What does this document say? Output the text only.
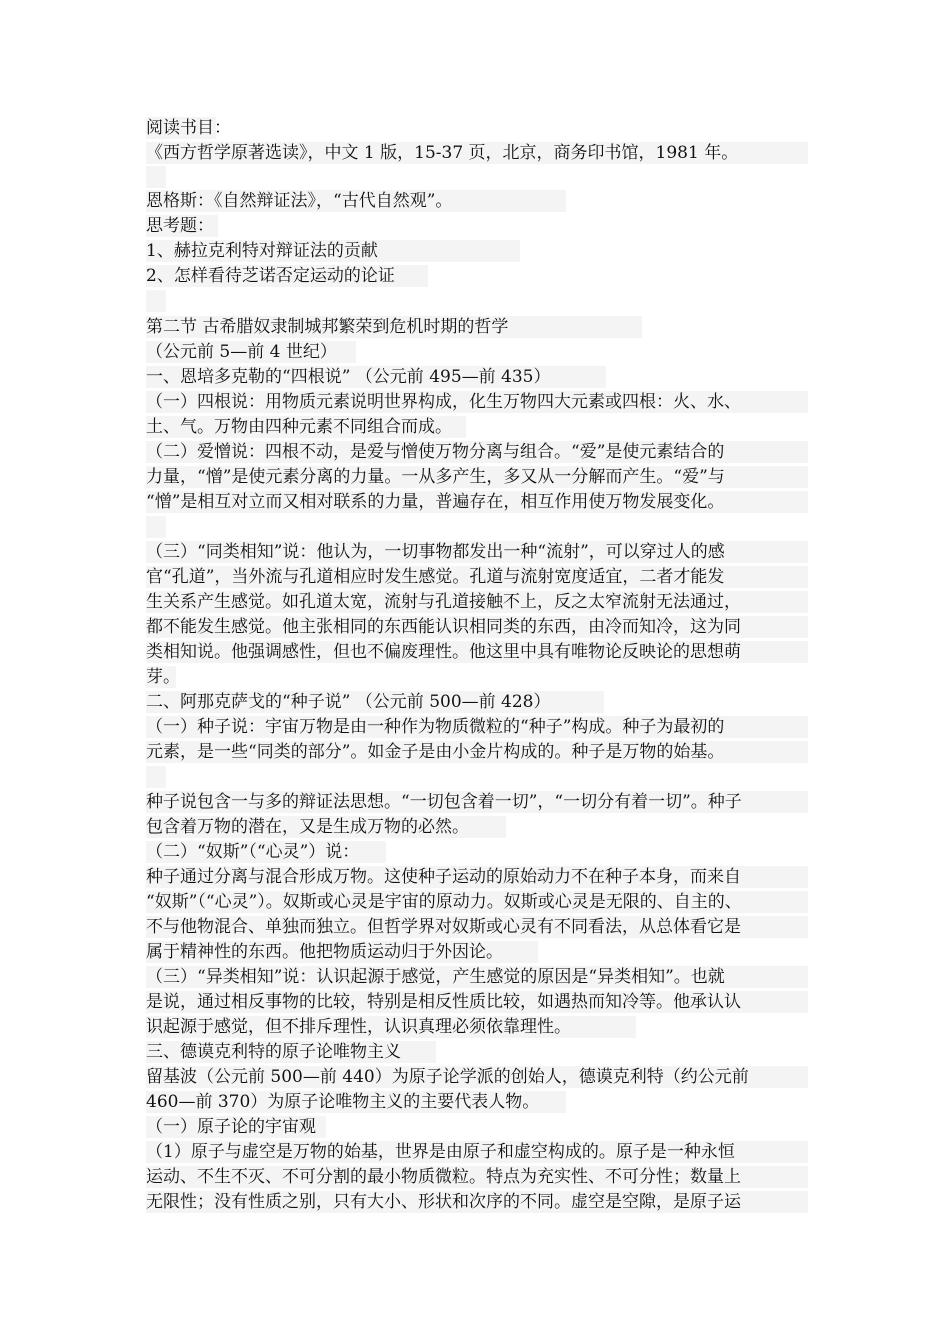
阅读书目：
《西方哲学原著选读》，中文 1 版，15-37 页，北京，商务印书馆，1981 年。
恩格斯：《自然辩证法》，“古代自然观”。
思考题：
1、赫拉克利特对辩证法的贡献
2、怎样看待芝诺否定运动的论证
第二节 古希腊奴隶制城邦繁荣到危机时期的哲学
（公元前 5—前 4 世纪）
一、恩培多克勒的“四根说” （公元前 495—前 435）
（一）四根说：用物质元素说明世界构成，化生万物四大元素或四根：火、水、
土、气。万物由四种元素不同组合而成。
（二）爱憎说：四根不动，是爱与憎使万物分离与组合。“爱”是使元素结合的
力量，“憎”是使元素分离的力量。一从多产生，多又从一分解而产生。“爱”与
“憎”是相互对立而又相对联系的力量，普遍存在，相互作用使万物发展变化。
（三）“同类相知”说：他认为，一切事物都发出一种“流射”，可以穿过人的感
官“孔道”，当外流与孔道相应时发生感觉。孔道与流射宽度适宜，二者才能发
生关系产生感觉。如孔道太宽，流射与孔道接触不上，反之太窄流射无法通过，
都不能发生感觉。他主张相同的东西能认识相同类的东西，由冷而知冷，这为同
类相知说。他强调感性，但也不偏废理性。他这里中具有唯物论反映论的思想萌
芽。
二、阿那克萨戈的“种子说” （公元前 500—前 428）
（一）种子说：宇宙万物是由一种作为物质微粒的“种子”构成。种子为最初的
元素，是一些“同类的部分”。如金子是由小金片构成的。种子是万物的始基。
种子说包含一与多的辩证法思想。“一切包含着一切”，“一切分有着一切”。种子
包含着万物的潜在，又是生成万物的必然。
（二）“奴斯”（“心灵”）说：
种子通过分离与混合形成万物。这使种子运动的原始动力不在种子本身，而来自
“奴斯”（“心灵”）。奴斯或心灵是宇宙的原动力。奴斯或心灵是无限的、自主的、
不与他物混合、单独而独立。但哲学界对奴斯或心灵有不同看法，从总体看它是
属于精神性的东西。他把物质运动归于外因论。
（三）“异类相知”说：认识起源于感觉，产生感觉的原因是“异类相知”。也就
是说，通过相反事物的比较，特别是相反性质比较，如遇热而知冷等。他承认认
识起源于感觉，但不排斥理性，认识真理必须依靠理性。
三、德谟克利特的原子论唯物主义
留基波（公元前 500—前 440）为原子论学派的创始人，德谟克利特（约公元前
460—前 370）为原子论唯物主义的主要代表人物。
（一）原子论的宇宙观
（1）原子与虚空是万物的始基，世界是由原子和虚空构成的。原子是一种永恒
运动、不生不灭、不可分割的最小物质微粒。特点为充实性、不可分性；数量上
无限性；没有性质之别，只有大小、形状和次序的不同。虚空是空隙，是原子运
